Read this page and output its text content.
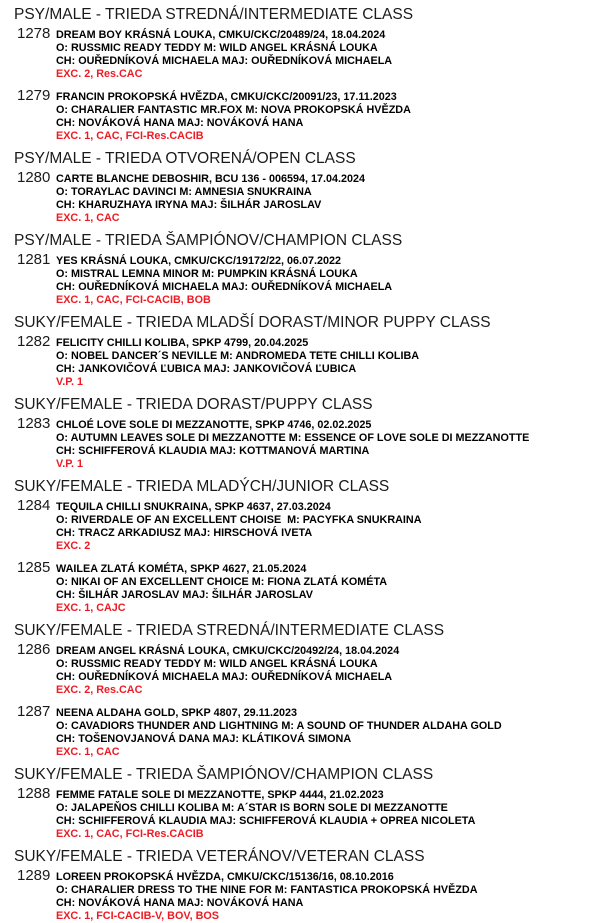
PSY/MALE - TRIEDA STREDNÁ/INTERMEDIATE CLASS
1278 DREAM BOY KRÁSNÁ LOUKA, CMKU/CKC/20489/24, 18.04.2024
O: RUSSMIC READY TEDDY M: WILD ANGEL KRÁSNÁ LOUKA
CH: OUŘEDNÍKOVÁ MICHAELA MAJ: OUŘEDNÍKOVÁ MICHAELA
EXC. 2, Res.CAC
1279 FRANCIN PROKOPSKÁ HVĚZDA, CMKU/CKC/20091/23, 17.11.2023
O: CHARALIER FANTASTIC MR.FOX M: NOVA PROKOPSKÁ HVĚZDA
CH: NOVÁKOVÁ HANA MAJ: NOVÁKOVÁ HANA
EXC. 1, CAC, FCI-Res.CACIB
PSY/MALE - TRIEDA OTVORENÁ/OPEN CLASS
1280 CARTE BLANCHE DEBOSHIR, BCU 136 - 006594, 17.04.2024
O: TORAYLAC DAVINCI M: AMNESIA SNUKRAINA
CH: KHARUZHAYA IRYNA MAJ: ŠILHÁR JAROSLAV
EXC. 1, CAC
PSY/MALE - TRIEDA ŠAMPIÓNOV/CHAMPION CLASS
1281 YES KRÁSNÁ LOUKA, CMKU/CKC/19172/22, 06.07.2022
O: MISTRAL LEMNA MINOR M: PUMPKIN KRÁSNÁ LOUKA
CH: OUŘEDNÍKOVÁ MICHAELA MAJ: OUŘEDNÍKOVÁ MICHAELA
EXC. 1, CAC, FCI-CACIB, BOB
SUKY/FEMALE - TRIEDA MLADŠÍ DORAST/MINOR PUPPY CLASS
1282 FELICITY CHILLI KOLIBA, SPKP 4799, 20.04.2025
O: NOBEL DANCER´S NEVILLE M: ANDROMEDA TETE CHILLI KOLIBA
CH: JANKOVIČOVÁ ĽUBICA MAJ: JANKOVIČOVÁ ĽUBICA
V.P. 1
SUKY/FEMALE - TRIEDA DORAST/PUPPY CLASS
1283 CHLOÉ LOVE SOLE DI MEZZANOTTE, SPKP 4746, 02.02.2025
O: AUTUMN LEAVES SOLE DI MEZZANOTTE M: ESSENCE OF LOVE SOLE DI MEZZANOTTE
CH: SCHIFFEROVÁ KLAUDIA MAJ: KOTTMANOVÁ MARTINA
V.P. 1
SUKY/FEMALE - TRIEDA MLADÝCH/JUNIOR CLASS
1284 TEQUILA CHILLI SNUKRAINA, SPKP 4637, 27.03.2024
O: RIVERDALE OF AN EXCELLENT CHOISE  M: PACYFKA SNUKRAINA
CH: TRACZ ARKADIUSZ MAJ: HIRSCHOVÁ IVETA
EXC. 2
1285 WAILEA ZLATÁ KOMÉTA, SPKP 4627, 21.05.2024
O: NIKAI OF AN EXCELLENT CHOICE M: FIONA ZLATÁ KOMÉTA
CH: ŠILHÁR JAROSLAV MAJ: ŠILHÁR JAROSLAV
EXC. 1, CAJC
SUKY/FEMALE - TRIEDA STREDNÁ/INTERMEDIATE CLASS
1286 DREAM ANGEL KRÁSNÁ LOUKA, CMKU/CKC/20492/24, 18.04.2024
O: RUSSMIC READY TEDDY M: WILD ANGEL KRÁSNÁ LOUKA
CH: OUŘEDNÍKOVÁ MICHAELA MAJ: OUŘEDNÍKOVÁ MICHAELA
EXC. 2, Res.CAC
1287 NEENA ALDAHA GOLD, SPKP 4807, 29.11.2023
O: CAVADIORS THUNDER AND LIGHTNING M: A SOUND OF THUNDER ALDAHA GOLD
CH: TOŠENOVJANOVÁ DANA MAJ: KLÁTIKOVÁ SIMONA
EXC. 1, CAC
SUKY/FEMALE - TRIEDA ŠAMPIÓNOV/CHAMPION CLASS
1288 FEMME FATALE SOLE DI MEZZANOTTE, SPKP 4444, 21.02.2023
O: JALAPEŇOS CHILLI KOLIBA M: A´STAR IS BORN SOLE DI MEZZANOTTE
CH: SCHIFFEROVÁ KLAUDIA MAJ: SCHIFFEROVÁ KLAUDIA + OPREA NICOLETA
EXC. 1, CAC, FCI-Res.CACIB
SUKY/FEMALE - TRIEDA VETERÁNOV/VETERAN CLASS
1289 LOREEN PROKOPSKÁ HVĚZDA, CMKU/CKC/15136/16, 08.10.2016
O: CHARALIER DRESS TO THE NINE FOR M: FANTASTICA PROKOPSKÁ HVĚZDA
CH: NOVÁKOVÁ HANA MAJ: NOVÁKOVÁ HANA
EXC. 1, FCI-CACIB-V, BOV, BOS
